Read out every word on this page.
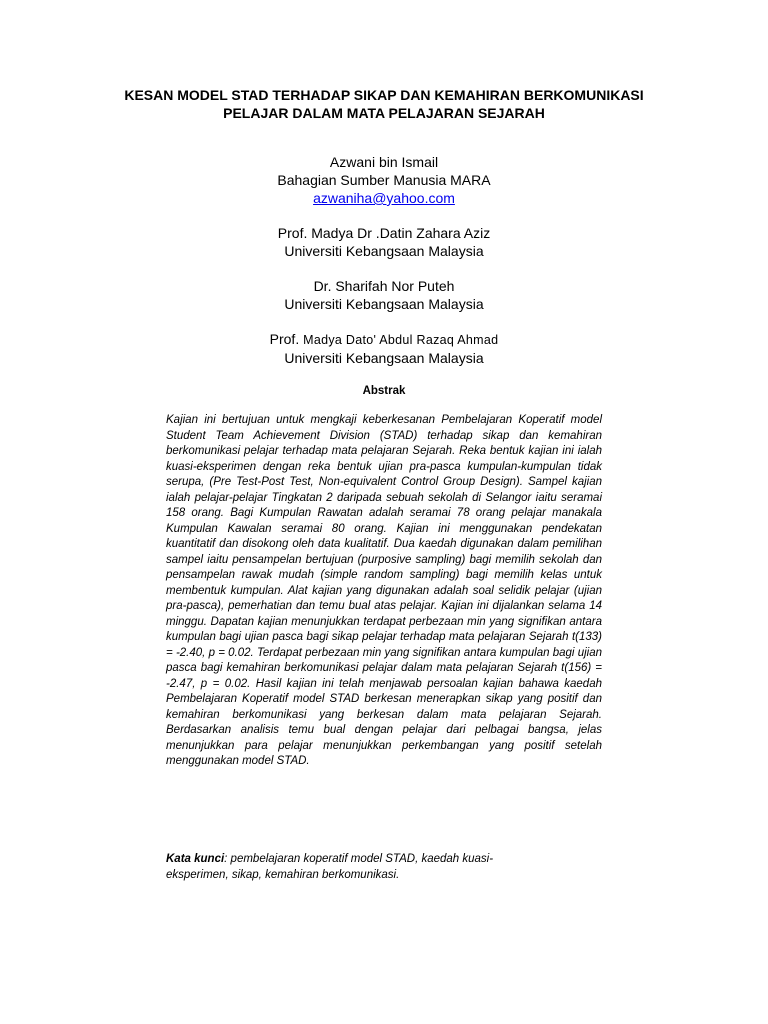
KESAN MODEL STAD TERHADAP SIKAP DAN KEMAHIRAN BERKOMUNIKASI
PELAJAR DALAM MATA PELAJARAN SEJARAH
Azwani bin Ismail
Bahagian Sumber Manusia MARA
azwaniha@yahoo.com
Prof. Madya Dr .Datin Zahara Aziz
Universiti Kebangsaan Malaysia
Dr. Sharifah Nor Puteh
Universiti Kebangsaan Malaysia
Prof. Madya Dato' Abdul Razaq Ahmad
Universiti Kebangsaan Malaysia
Abstrak

Kajian ini bertujuan untuk mengkaji keberkesanan Pembelajaran Koperatif model Student Team Achievement Division (STAD) terhadap sikap dan kemahiran berkomunikasi pelajar terhadap mata pelajaran Sejarah. Reka bentuk kajian ini ialah kuasi-eksperimen dengan reka bentuk ujian pra-pasca kumpulan-kumpulan tidak serupa, (Pre Test-Post Test, Non-equivalent Control Group Design). Sampel kajian ialah pelajar-pelajar Tingkatan 2 daripada sebuah sekolah di Selangor iaitu seramai 158 orang. Bagi Kumpulan Rawatan adalah seramai 78 orang pelajar manakala Kumpulan Kawalan seramai 80 orang. Kajian ini menggunakan pendekatan kuantitatif dan disokong oleh data kualitatif. Dua kaedah digunakan dalam pemilihan sampel iaitu pensampelan bertujuan (purposive sampling) bagi memilih sekolah dan pensampelan rawak mudah (simple random sampling) bagi memilih kelas untuk membentuk kumpulan. Alat kajian yang digunakan adalah soal selidik pelajar (ujian pra-pasca), pemerhatian dan temu bual atas pelajar. Kajian ini dijalankan selama 14 minggu. Dapatan kajian menunjukkan terdapat perbezaan min yang signifikan antara kumpulan bagi ujian pasca bagi sikap pelajar terhadap mata pelajaran Sejarah t(133) = -2.40, p = 0.02. Terdapat perbezaan min yang signifikan antara kumpulan bagi ujian pasca bagi kemahiran berkomunikasi pelajar dalam mata pelajaran Sejarah t(156) = -2.47, p = 0.02. Hasil kajian ini telah menjawab persoalan kajian bahawa kaedah Pembelajaran Koperatif model STAD berkesan menerapkan sikap yang positif dan kemahiran berkomunikasi yang berkesan dalam mata pelajaran Sejarah. Berdasarkan analisis temu bual dengan pelajar dari pelbagai bangsa, jelas menunjukkan para pelajar menunjukkan perkembangan yang positif setelah menggunakan model STAD.

Kata kunci: pembelajaran koperatif model STAD, kaedah kuasi-eksperimen, sikap, kemahiran berkomunikasi.
